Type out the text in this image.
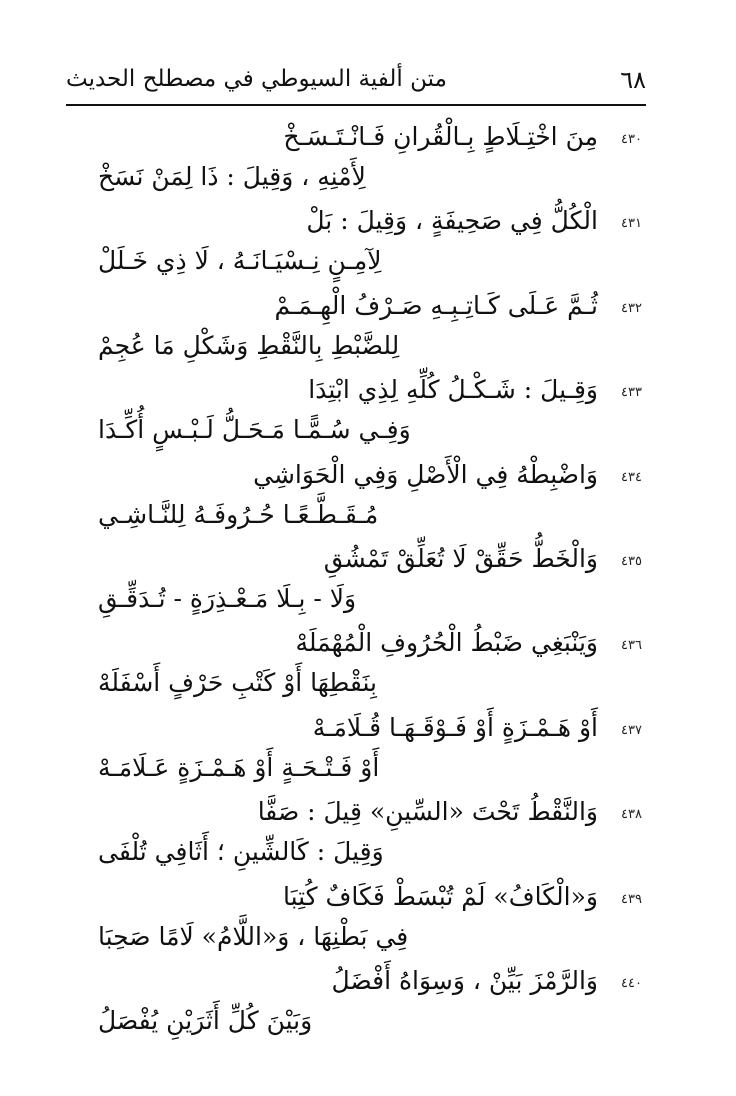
٦٨
متن ألفية السيوطي في مصطلح الحديث
٤٣٠
مِنَ اخْتِـلَاطٍ بِـالْقُرانِ فَـانْـتَـسَـخْ
لِأَمْنِهِ ، وَقِيلَ : ذَا لِمَنْ نَسَخْ
٤٣١
الْكُلُّ فِي صَحِيفَةٍ ، وَقِيلَ : بَلْ
لِآمِـنٍ نِـسْيَـانَـهُ ، لَا ذِي خَـلَلْ
٤٣٢
ثُـمَّ عَـلَى كَـاتِـبِـهِ صَـرْفُ الْهِـمَـمْ
لِلضَّبْطِ بِالنَّقْطِ وَشَكْلِ مَا عُجِمْ
٤٣٣
وَقِـيلَ : شَـكْـلُ كُلِّهِ لِذِي ابْتِدَا
وَفِـي سُـمًّـا مَـحَـلُّ لَـبْـسٍ أُكِّـدَا
٤٣٤
وَاضْبِطْهُ فِي الْأَصْلِ وَفِي الْحَوَاشِي
مُـقَـطَّـعًـا حُـرُوفَـهُ لِلنَّـاشِـي
٤٣٥
وَالْخَطُّ حَقِّقْ لَا تُعَلِّقْ تَمْشُقِ
وَلَا - بِـلَا مَـعْـذِرَةٍ - تُـدَقِّـقِ
٤٣٦
وَيَنْبَغِي ضَبْطُ الْحُرُوفِ الْمُهْمَلَهْ
بِنَقْطِهَا أَوْ كَتْبِ حَرْفٍ أَسْفَلَهْ
٤٣٧
أَوْ هَـمْـزَةٍ أَوْ فَـوْقَـهَـا قُـلَامَـهْ
أَوْ فَـتْـحَـةٍ أَوْ هَـمْـزَةٍ عَـلَامَـهْ
٤٣٨
وَالنَّقْطُ تَحْتَ «السِّينِ» قِيلَ : صَفَّا
وَقِيلَ : كَالشِّينِ ؛ أَثَافِي تُلْفَى
٤٣٩
وَ«الْكَافُ» لَمْ تُبْسَطْ فَكَافٌ كُتِبَا
فِي بَطْنِهَا ، وَ«اللَّامُ» لَامًا صَحِبَا
٤٤٠
وَالرَّمْزَ بَيِّنْ ، وَسِوَاهُ أَفْضَلُ
وَبَيْنَ كُلِّ أَثَرَيْنِ يُفْصَلُ
